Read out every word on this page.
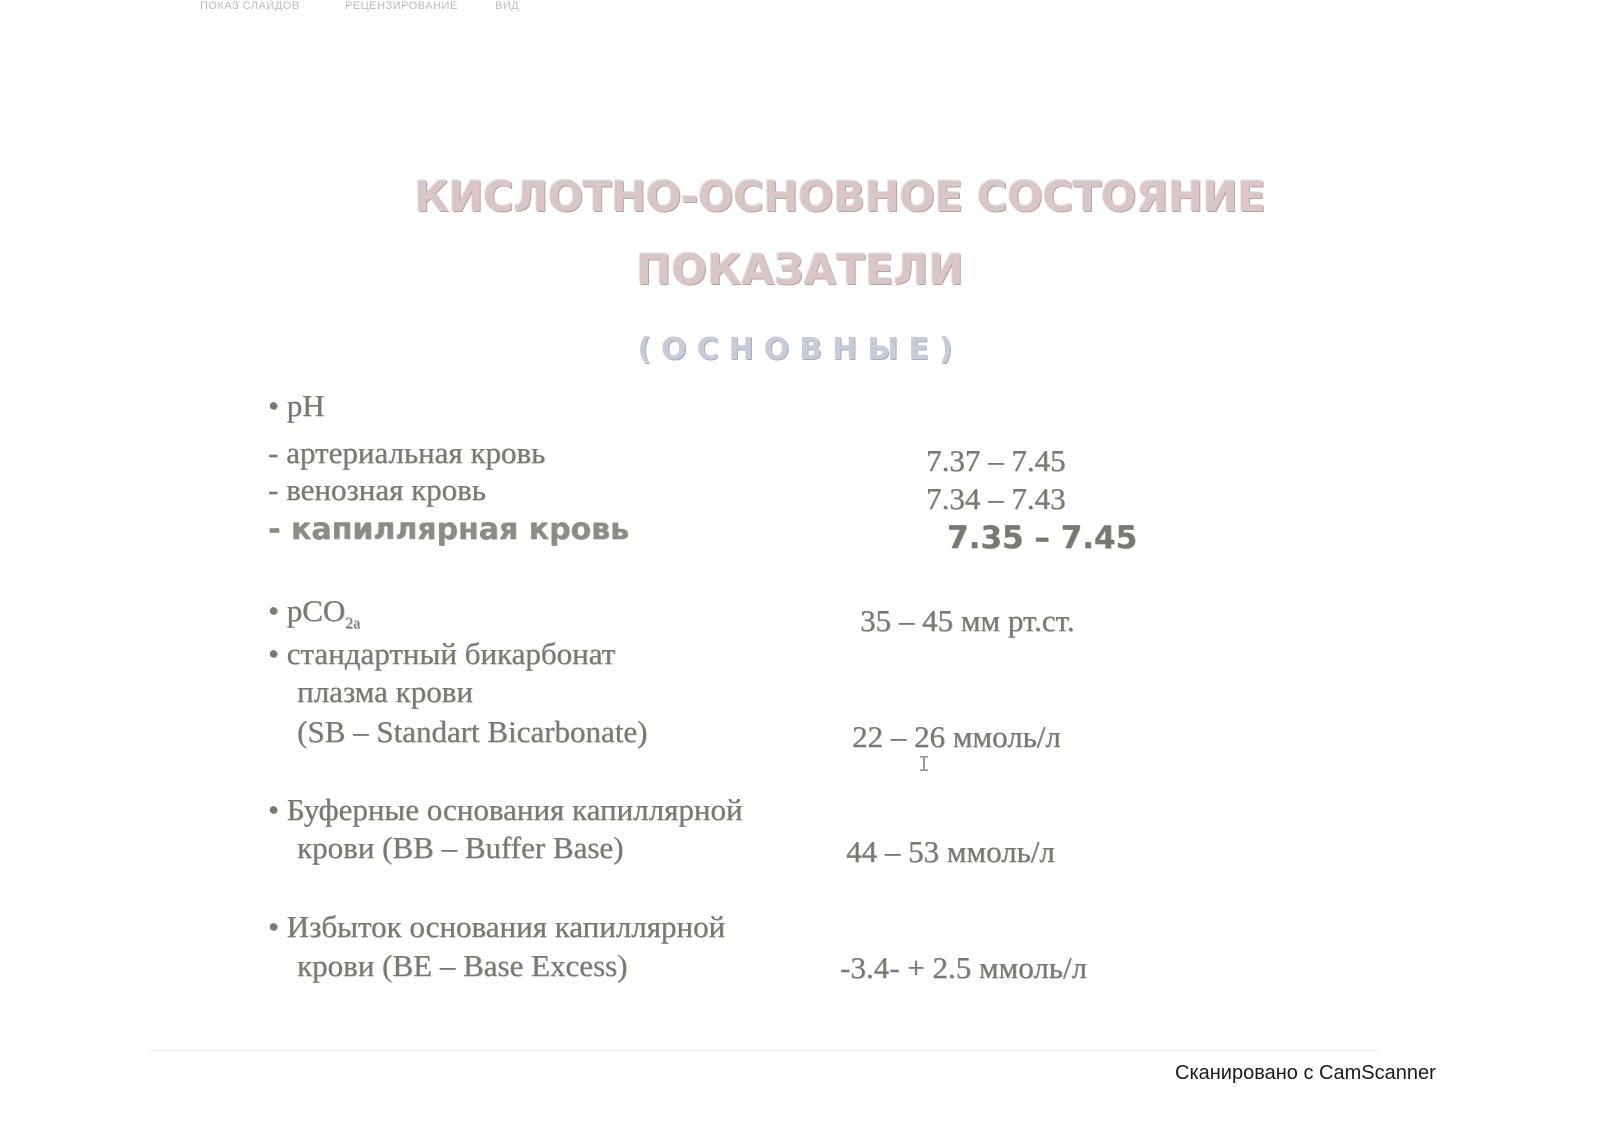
ПОКАЗ СЛАЙДОВ	РЕЦЕНЗИРОВАНИЕ	ВИД
КИСЛОТНО-ОСНОВНОЕ СОСТОЯНИЕ
ПОКАЗАТЕЛИ
(ОСНОВНЫЕ)
• pH
- артериальная кровь	7.37 – 7.45
- венозная кровь	7.34 – 7.43
- капиллярная кровь	7.35 – 7.45
• pCO$_{2а}$	35 – 45 мм рт.ст.
• стандартный бикарбонат
плазма крови
(SB – Standart Bicarbonate)	22 – 26 ммоль/л
I
• Буферные основания капиллярной
крови (BB – Buffer Base)	44 – 53 ммоль/л
• Избыток основания капиллярной
крови (BE – Base Excess)	-3.4- + 2.5 ммоль/л
Сканировано с CamScanner
